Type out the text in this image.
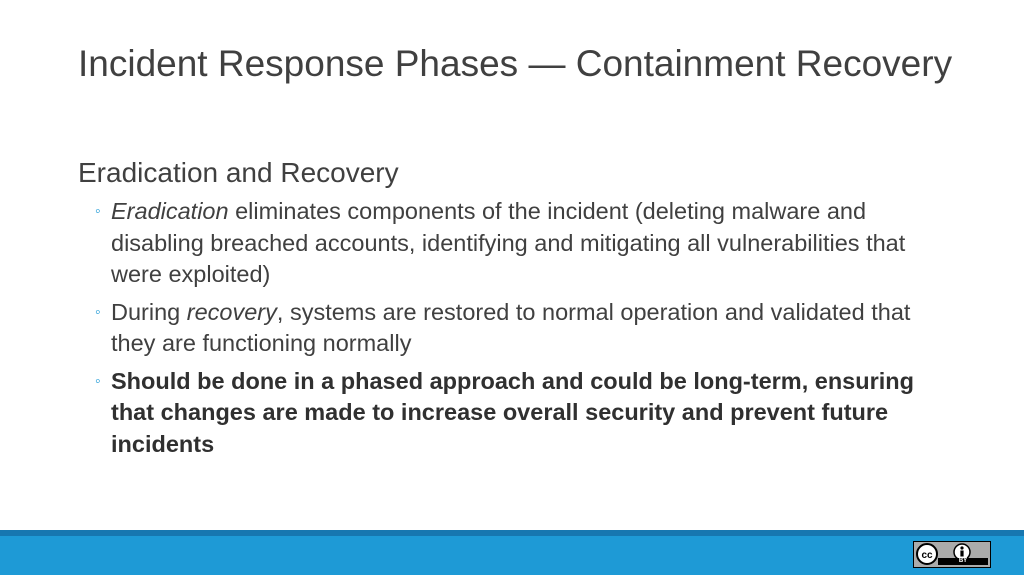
Incident Response Phases — Containment Recovery
Eradication and Recovery
◦ Eradication eliminates components of the incident (deleting malware and disabling breached accounts, identifying and mitigating all vulnerabilities that were exploited)
◦ During recovery, systems are restored to normal operation and validated that they are functioning normally
◦ Should be done in a phased approach and could be long-term, ensuring that changes are made to increase overall security and prevent future incidents
cc	BY
